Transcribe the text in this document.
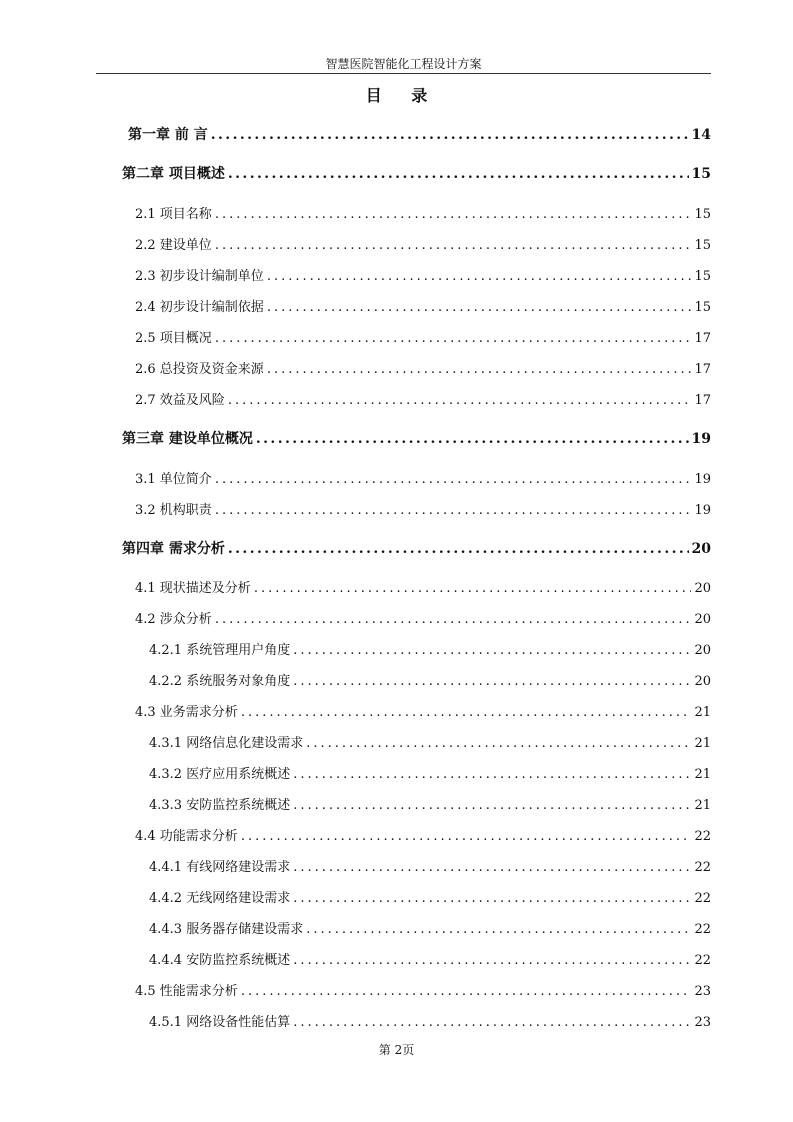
智慧医院智能化工程设计方案
目 录
第一章 前 言 .....	14
第二章 项目概述 .....	15
2.1 项目名称 .....	15
2.2 建设单位 .....	15
2.3 初步设计编制单位 .....	15
2.4 初步设计编制依据 .....	15
2.5 项目概况 .....	17
2.6 总投资及资金来源 .....	17
2.7 效益及风险 .....	17
第三章 建设单位概况 .....	19
3.1 单位简介 .....	19
3.2 机构职责 .....	19
第四章 需求分析 .....	20
4.1 现状描述及分析 .....	20
4.2 涉众分析 .....	20
4.2.1 系统管理用户角度 .....	20
4.2.2 系统服务对象角度 .....	20
4.3 业务需求分析 .....	21
4.3.1 网络信息化建设需求 .....	21
4.3.2 医疗应用系统概述 .....	21
4.3.3 安防监控系统概述 .....	21
4.4 功能需求分析 .....	22
4.4.1 有线网络建设需求 .....	22
4.4.2 无线网络建设需求 .....	22
4.4.3 服务器存储建设需求 .....	22
4.4.4 安防监控系统概述 .....	22
4.5 性能需求分析 .....	23
4.5.1 网络设备性能估算 .....	23
第 2页
